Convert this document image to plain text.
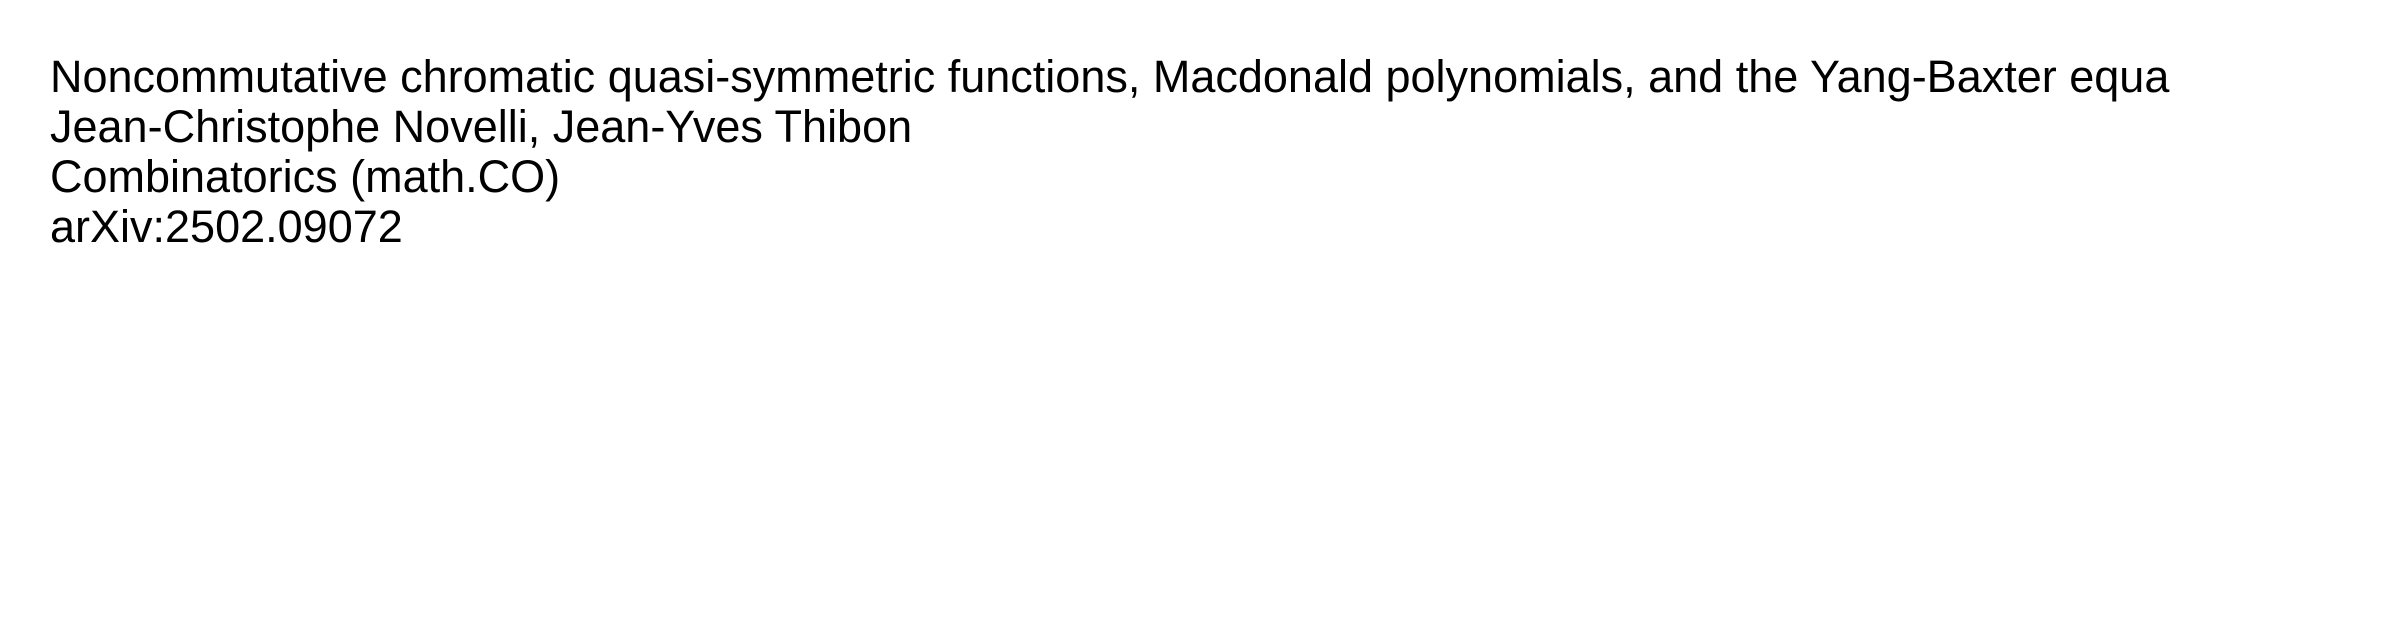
Noncommutative chromatic quasi-symmetric functions, Macdonald polynomials, and the Yang-Baxter equa
Jean-Christophe Novelli, Jean-Yves Thibon
Combinatorics (math.CO)
arXiv:2502.09072
